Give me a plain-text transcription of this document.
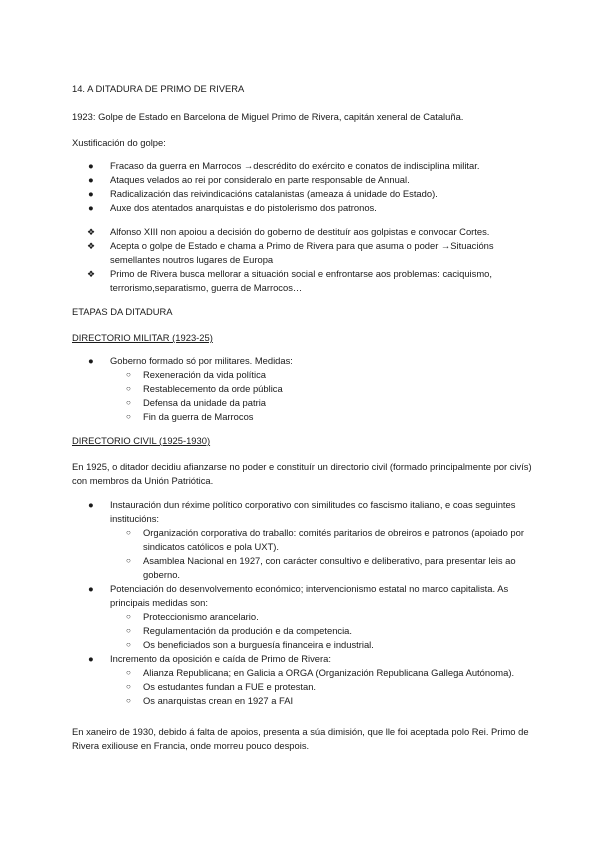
14. A DITADURA DE PRIMO DE RIVERA
1923: Golpe de Estado en Barcelona de Miguel Primo de Rivera, capitán xeneral de Cataluña.
Xustificación do golpe:
● Fracaso da guerra en Marrocos →descrédito do exército e conatos de indisciplina militar.
● Ataques velados ao rei por consideralo en parte responsable de Annual.
● Radicalización das reivindicacións catalanistas (ameaza á unidade do Estado).
● Auxe dos atentados anarquistas e do pistolerismo dos patronos.
❖ Alfonso XIII non apoiou a decisión do goberno de destituír aos golpistas e convocar Cortes.
❖ Acepta o golpe de Estado e chama a Primo de Rivera para que asuma o poder →Situacións semellantes noutros lugares de Europa
❖ Primo de Rivera busca mellorar a situación social e enfrontarse aos problemas: caciquismo, terrorismo,separatismo, guerra de Marrocos…
ETAPAS DA DITADURA
DIRECTORIO MILITAR (1923-25)
● Goberno formado só por militares. Medidas:
○ Rexeneración da vida política
○ Restablecemento da orde pública
○ Defensa da unidade da patria
○ Fin da guerra de Marrocos
DIRECTORIO CIVIL (1925-1930)
En 1925, o ditador decidiu afianzarse no poder e constituír un directorio civil (formado principalmente por civís) con membros da Unión Patriótica.
● Instauración dun réxime político corporativo con similitudes co fascismo italiano, e coas seguintes institucións:
○ Organización corporativa do traballo: comités paritarios de obreiros e patronos (apoiado por sindicatos católicos e pola UXT).
○ Asamblea Nacional en 1927, con carácter consultivo e deliberativo, para presentar leis ao goberno.
● Potenciación do desenvolvemento económico; intervencionismo estatal no marco capitalista. As principais medidas son:
○ Proteccionismo arancelario.
○ Regulamentación da produción e da competencia.
○ Os beneficiados son a burguesía financeira e industrial.
● Incremento da oposición e caída de Primo de Rivera:
○ Alianza Republicana; en Galicia a ORGA (Organización Republicana Gallega Autónoma).
○ Os estudantes fundan a FUE e protestan.
○ Os anarquistas crean en 1927 a FAI
En xaneiro de 1930, debido á falta de apoios, presenta a súa dimisión, que lle foi aceptada polo Rei. Primo de Rivera exiliouse en Francia, onde morreu pouco despois.
